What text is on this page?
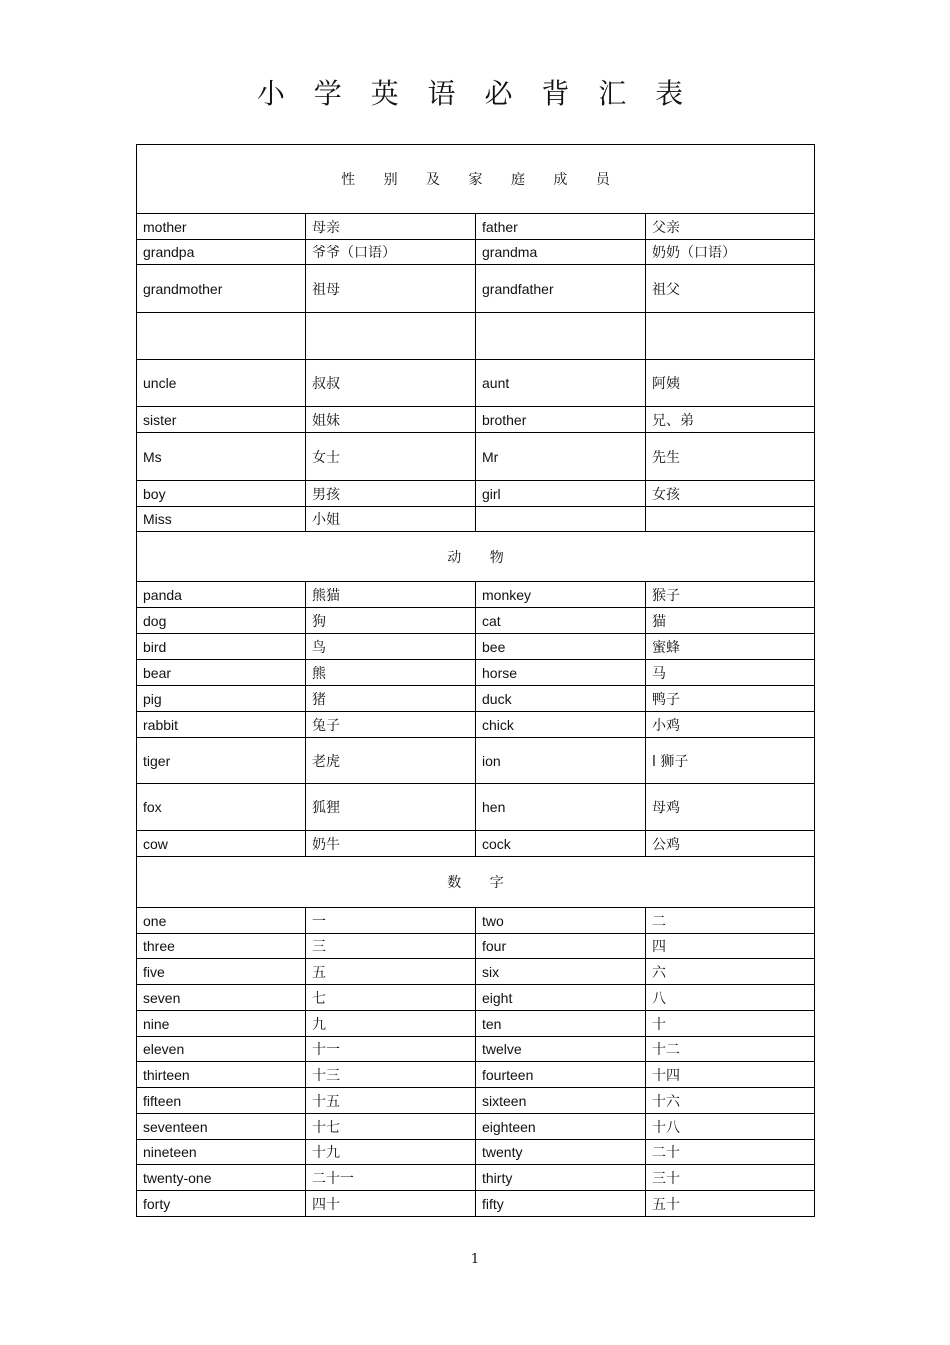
小 学 英 语 必 背 汇 表
性 别 及 家 庭 成 员			
mother	母亲	father	父亲
grandpa	爷爷（口语）	grandma	奶奶（口语）
grandmother	祖母	grandfather	祖父

uncle	叔叔	aunt	阿姨
sister	姐妹	brother	兄、弟
Ms	女士	Mr	先生
boy	男孩	girl	女孩
Miss	小姐		
动 物			
panda	熊猫	monkey	猴子
dog	狗	cat	猫
bird	鸟	bee	蜜蜂
bear	熊	horse	马
pig	猪	duck	鸭子
rabbit	兔子	chick	小鸡
tiger	老虎	ion	l 狮子
fox	狐狸	hen	母鸡
cow	奶牛	cock	公鸡
数 字			
one	一	two	二
three	三	four	四
five	五	six	六
seven	七	eight	八
nine	九	ten	十
eleven	十一	twelve	十二
thirteen	十三	fourteen	十四
fifteen	十五	sixteen	十六
seventeen	十七	eighteen	十八
nineteen	十九	twenty	二十
twenty-one	二十一	thirty	三十
forty	四十	fifty	五十
1
